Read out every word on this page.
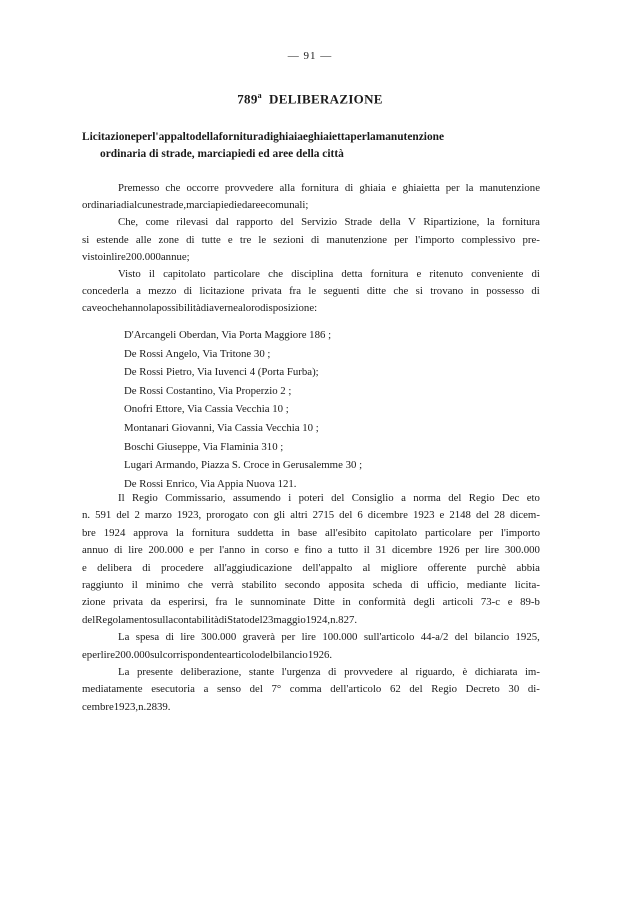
— 91 —
789$^a$ DELIBERAZIONE
Licitazioneperl'appaltodellafornituradighiaiaeghiaiettaperlamanutenzione
ordinaria di strade, marciapiedi ed aree della città
Premesso che occorre provvedere alla fornitura di ghiaia e ghiaietta per la manutenzione
ordinaria di alcune strade, marciapiedi ed aree comunali;
Che, come rilevasi dal rapporto del Servizio Strade della V Ripartizione, la fornitura
si estende alle zone di tutte e tre le sezioni di manutenzione per l'importo complessivo pre-
visto in lire 200.000 annue ;
Visto il capitolato particolare che disciplina detta fornitura e ritenuto conveniente di
concederla a mezzo di licitazione privata fra le seguenti ditte che si trovano in possesso di
cave o che hanno la possibilità di averne a loro disposizione :
D'Arcangeli Oberdan, Via Porta Maggiore 186 ;
De Rossi Angelo, Via Tritone 30 ;
De Rossi Pietro, Via Iuvenci 4 (Porta Furba);
De Rossi Costantino, Via Properzio 2 ;
Onofri Ettore, Via Cassia Vecchia 10 ;
Montanari Giovanni, Via Cassia Vecchia 10 ;
Boschi Giuseppe, Via Flaminia 310 ;
Lugari Armando, Piazza S. Croce in Gerusalemme 30 ;
De Rossi Enrico, Via Appia Nuova 121.
Il Regio Commissario, assumendo i poteri del Consiglio a norma del Regio Dec eto
n. 591 del 2 marzo 1923, prorogato con gli altri 2715 del 6 dicembre 1923 e 2148 del 28 dicem-
bre 1924 approva la fornitura suddetta in base all'esibito capitolato particolare per l'importo
annuo di lire 200.000 e per l'anno in corso e fino a tutto il 31 dicembre 1926 per lire 300.000
e delibera di procedere all'aggiudicazione dell'appalto al migliore offerente purchè abbia
raggiunto il minimo che verrà stabilito secondo apposita scheda di ufficio, mediante licita-
zione privata da esperirsi, fra le sunnominate Ditte in conformità degli articoli 73-c e 89-b
del Regolamento sulla contabilità di Stato del 23 maggio 1924, n. 827.
La spesa di lire 300.000 graverà per lire 100.000 sull'articolo 44-a/2 del bilancio 1925,
e per lire 200.000 sul corrispondente articolo del bilancio 1926.
La presente deliberazione, stante l'urgenza di provvedere al riguardo, è dichiarata im-
mediatamente esecutoria a senso del 7° comma dell'articolo 62 del Regio Decreto 30 di-
cembre 1923, n. 2839.
